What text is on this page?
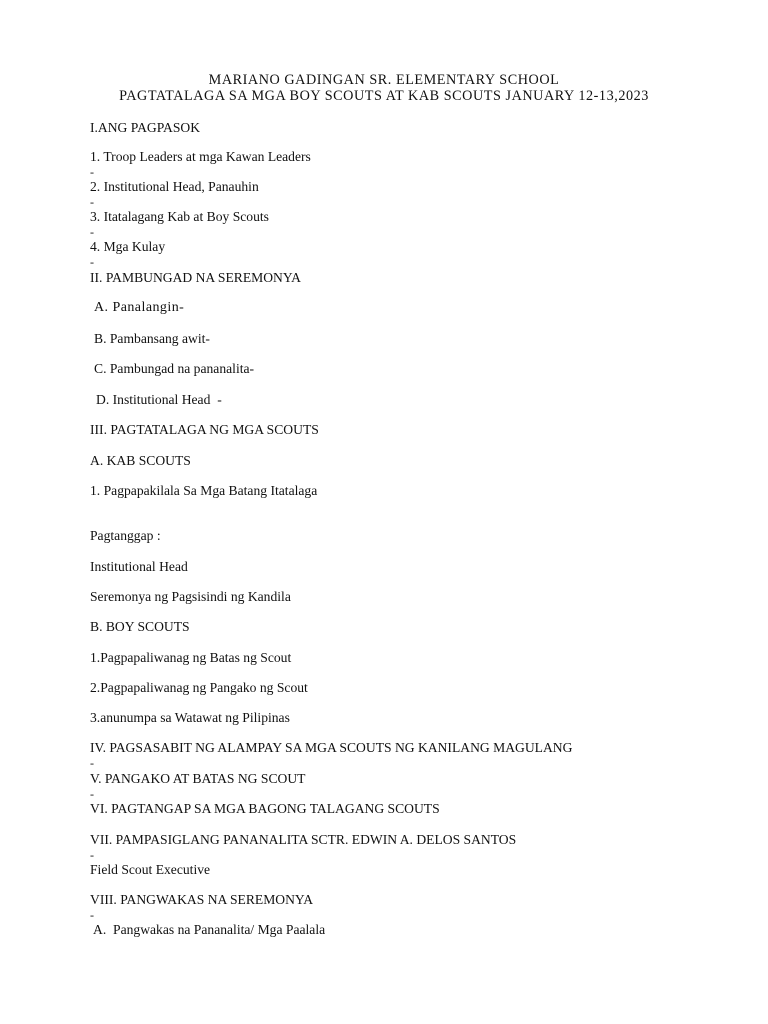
MARIANO GADINGAN SR. ELEMENTARY SCHOOL
PAGTATALAGA SA MGA BOY SCOUTS AT KAB SCOUTS JANUARY 12-13,2023
I.ANG PAGPASOK
1. Troop Leaders at mga Kawan Leaders
-
2. Institutional Head, Panauhin
-
3. Itatalagang Kab at Boy Scouts
-
4. Mga Kulay
-
II. PAMBUNGAD NA SEREMONYA
A. Panalangin-
B. Pambansang awit-
C. Pambungad na pananalita-
D. Institutional Head  -
III. PAGTATALAGA NG MGA SCOUTS
A. KAB SCOUTS
1. Pagpapakilala Sa Mga Batang Itatalaga
Pagtanggap :
Institutional Head
Seremonya ng Pagsisindi ng Kandila
B. BOY SCOUTS
1.Pagpapaliwanag ng Batas ng Scout
2.Pagpapaliwanag ng Pangako ng Scout
3.anunumpa sa Watawat ng Pilipinas
IV. PAGSASABIT NG ALAMPAY SA MGA SCOUTS NG KANILANG MAGULANG
-
V. PANGAKO AT BATAS NG SCOUT
-
VI. PAGTANGAP SA MGA BAGONG TALAGANG SCOUTS
VII. PAMPASIGLANG PANANALITA SCTR. EDWIN A. DELOS SANTOS
-
Field Scout Executive
VIII. PANGWAKAS NA SEREMONYA
-
A.  Pangwakas na Pananalita/ Mga Paalala
